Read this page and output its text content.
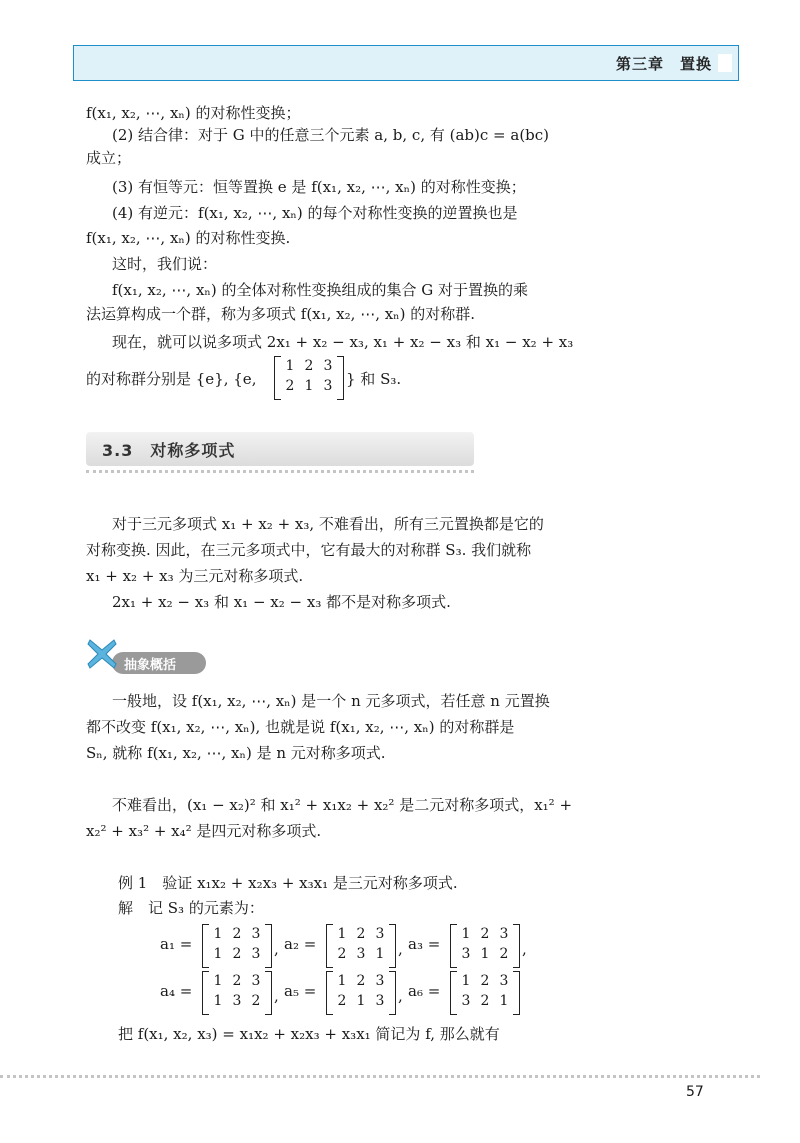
第三章　置换
f(x₁, x₂, ⋯, xₙ) 的对称性变换；
(2) 结合律：对于 G 中的任意三个元素 a, b, c, 有 (ab)c = a(bc)
成立；
(3) 有恒等元：恒等置换 e 是 f(x₁, x₂, ⋯, xₙ) 的对称性变换；
(4) 有逆元：f(x₁, x₂, ⋯, xₙ) 的每个对称性变换的逆置换也是
f(x₁, x₂, ⋯, xₙ) 的对称性变换.
这时，我们说：
f(x₁, x₂, ⋯, xₙ) 的全体对称性变换组成的集合 G 对于置换的乘
法运算构成一个群，称为多项式 f(x₁, x₂, ⋯, xₙ) 的对称群.
现在，就可以说多项式 2x₁ + x₂ − x₃, x₁ + x₂ − x₃ 和 x₁ − x₂ + x₃
的对称群分别是 {e}, {e,
1 2 3
2 1 3 } 和 S₃.
3.3　对称多项式
对于三元多项式 x₁ + x₂ + x₃, 不难看出，所有三元置换都是它的
对称变换. 因此，在三元多项式中，它有最大的对称群 S₃. 我们就称
x₁ + x₂ + x₃ 为三元对称多项式.
2x₁ + x₂ − x₃ 和 x₁ − x₂ − x₃ 都不是对称多项式.
抽象概括
一般地，设 f(x₁, x₂, ⋯, xₙ) 是一个 n 元多项式，若任意 n 元置换
都不改变 f(x₁, x₂, ⋯, xₙ), 也就是说 f(x₁, x₂, ⋯, xₙ) 的对称群是
Sₙ, 就称 f(x₁, x₂, ⋯, xₙ) 是 n 元对称多项式.
不难看出，(x₁ − x₂)² 和 x₁² + x₁x₂ + x₂² 是二元对称多项式，x₁² +
x₂² + x₃² + x₄² 是四元对称多项式.
例 1　验证 x₁x₂ + x₂x₃ + x₃x₁ 是三元对称多项式.
解　记 S₃ 的元素为：
a₁ =
1
1
2
2
3
3 , a₂ =
1
2
2
3
3
1 , a₃ =
1
3
2
1
3
2 ,
a₄ =
1
1
2
3
3
2 , a₅ =
1
2
2
1
3
3 , a₆ =
1
3
2
2
3
1
把 f(x₁, x₂, x₃) = x₁x₂ + x₂x₃ + x₃x₁ 简记为 f, 那么就有
57
